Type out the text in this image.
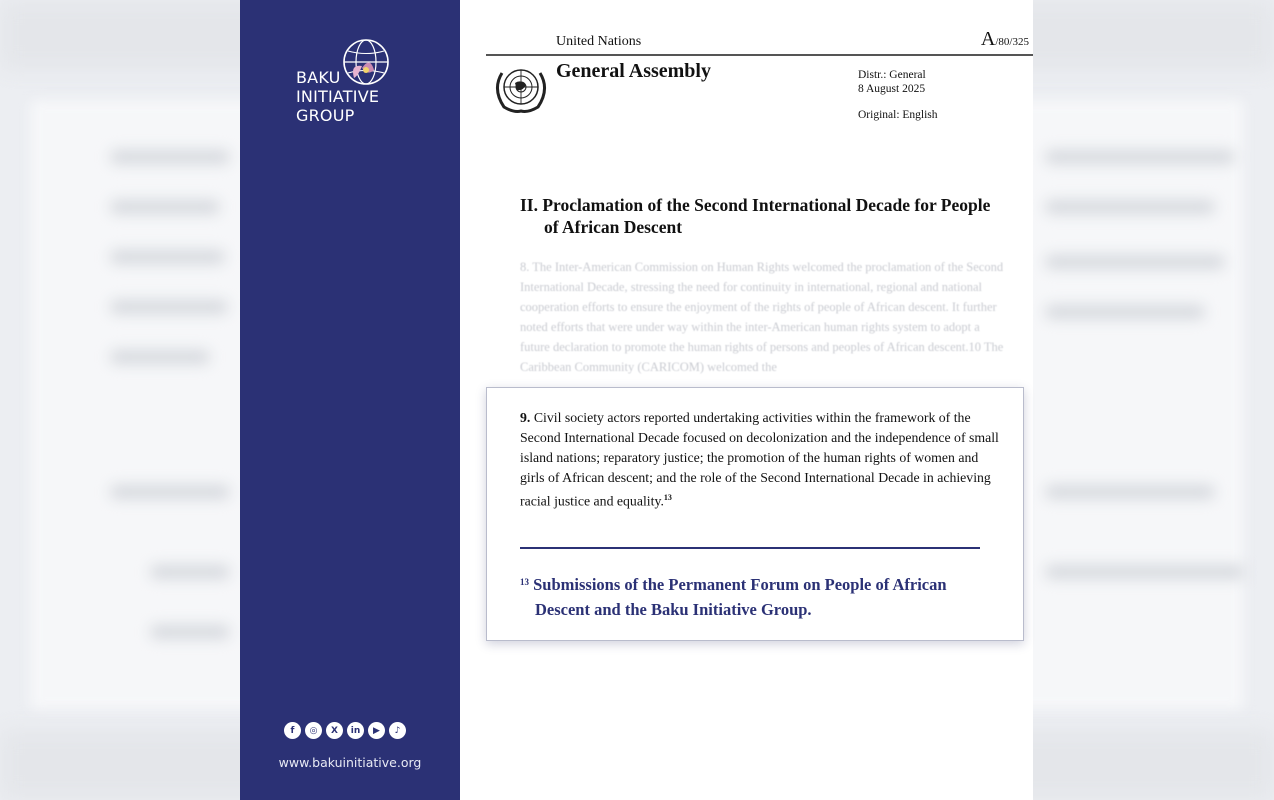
BAKU
INITIATIVE
GROUP
f	◎	X	in	▶	♪
www.bakuinitiative.org
United Nations	A/80/325
General Assembly	Distr.: General
8 August 2025
Original: English
II. Proclamation of the Second International Decade for People
of African Descent
8. The Inter-American Commission on Human Rights welcomed the proclamation of the Second International Decade, stressing the need for continuity in international, regional and national cooperation efforts to ensure the enjoyment of the rights of people of African descent. It further noted efforts that were under way within the inter-American human rights system to adopt a future declaration to promote the human rights of persons and peoples of African descent.10 The Caribbean Community (CARICOM) welcomed the
9. Civil society actors reported undertaking activities within the framework of the Second International Decade focused on decolonization and the independence of small island nations; reparatory justice; the promotion of the human rights of women and girls of African descent; and the role of the Second International Decade in achieving racial justice and equality.$^{13}$
$^{13}$ Submissions of the Permanent Forum on People of African
Descent and the Baku Initiative Group.
